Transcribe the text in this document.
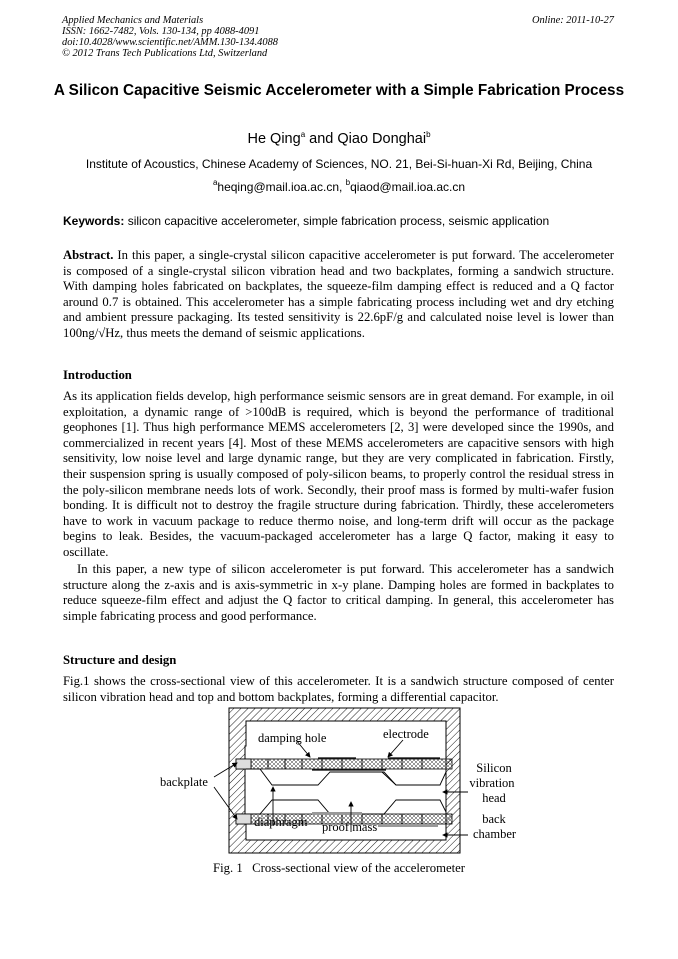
Applied Mechanics and Materials
ISSN: 1662-7482, Vols. 130-134, pp 4088-4091
doi:10.4028/www.scientific.net/AMM.130-134.4088
© 2012 Trans Tech Publications Ltd, Switzerland
Online: 2011-10-27
A Silicon Capacitive Seismic Accelerometer with a Simple Fabrication Process
He Qing$^a$ and Qiao Donghai$^b$
Institute of Acoustics, Chinese Academy of Sciences, NO. 21, Bei-Si-huan-Xi Rd, Beijing, China
$^a$heqing@mail.ioa.ac.cn, $^b$qiaod@mail.ioa.ac.cn
Keywords: silicon capacitive accelerometer, simple fabrication process, seismic application
Abstract. In this paper, a single-crystal silicon capacitive accelerometer is put forward. The accelerometer is composed of a single-crystal silicon vibration head and two backplates, forming a sandwich structure. With damping holes fabricated on backplates, the squeeze-film damping effect is reduced and a Q factor around 0.7 is obtained. This accelerometer has a simple fabricating process including wet and dry etching and ambient pressure packaging. Its tested sensitivity is 22.6pF/g and calculated noise level is lower than 100ng/√Hz, thus meets the demand of seismic applications.
Introduction
As its application fields develop, high performance seismic sensors are in great demand. For example, in oil exploitation, a dynamic range of >100dB is required, which is beyond the performance of traditional geophones [1]. Thus high performance MEMS accelerometers [2, 3] were developed since the 1990s, and commercialized in recent years [4]. Most of these MEMS accelerometers are capacitive sensors with high sensitivity, low noise level and large dynamic range, but they are very complicated in fabrication. Firstly, their suspension spring is usually composed of poly-silicon beams, to properly control the residual stress in the poly-silicon membrane needs lots of work. Secondly, their proof mass is formed by multi-wafer fusion bonding. It is difficult not to destroy the fragile structure during fabrication. Thirdly, these accelerometers have to work in vacuum package to reduce thermo noise, and long-term drift will occur as the package begins to leak. Besides, the vacuum-packaged accelerometer has a large Q factor, making it easy to oscillate.
In this paper, a new type of silicon accelerometer is put forward. This accelerometer has a sandwich structure along the z-axis and is axis-symmetric in x-y plane. Damping holes are formed in backplates to reduce squeeze-film effect and adjust the Q factor to critical damping. In general, this accelerometer has simple fabricating process and good performance.
Structure and design
Fig.1 shows the cross-sectional view of this accelerometer. It is a sandwich structure composed of center silicon vibration head and top and bottom backplates, forming a differential capacitor.
damping hole	electrode
backplate
Silicon
vibration
head
back
chamber
diaphragm proof mass
Fig. 1   Cross-sectional view of the accelerometer
